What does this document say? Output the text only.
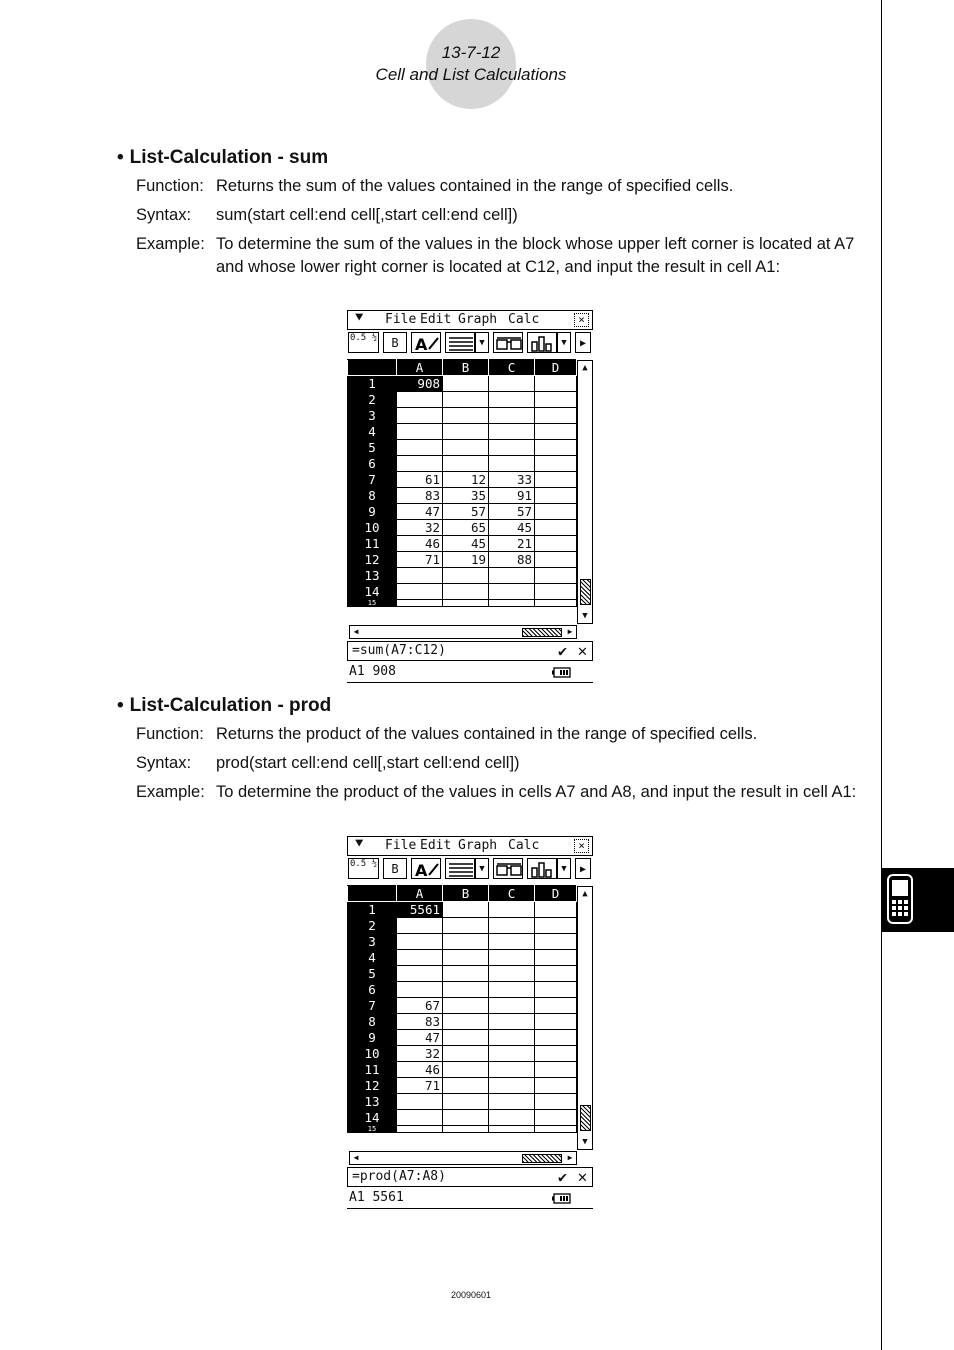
13-7-12
Cell and List Calculations
• List-Calculation - sum
Function: Returns the sum of the values contained in the range of specified cells.
Syntax: sum(start cell:end cell[,start cell:end cell])
Example: To determine the sum of the values in the block whose upper left corner is located at A7 and whose lower right corner is located at C12, and input the result in cell A1:
⯆ File Edit Graph Calc	×
0.5 ½	B	A	▼	▼	▶
	A	B	C	D
1	908			
2				
3				
4				
5				
6				
7	61	12	33	
8	83	35	91	
9	47	57	57	
10	32	65	45	
11	46	45	21	
12	71	19	88	
13				
14				
15				
▲
▼
◀	▶
=sum(A7:C12)	✔ ✕
A1 908
• List-Calculation - prod
Function: Returns the product of the values contained in the range of specified cells.
Syntax: prod(start cell:end cell[,start cell:end cell])
Example: To determine the product of the values in cells A7 and A8, and input the result in cell A1:
⯆ File Edit Graph Calc	×
0.5 ½	B	A	▼	▼	▶
	A	B	C	D
1	5561			
2				
3				
4				
5				
6				
7	67			
8	83			
9	47			
10	32			
11	46			
12	71			
13				
14				
15				
▲
▼
◀	▶
=prod(A7:A8)	✔ ✕
A1 5561
20090601
